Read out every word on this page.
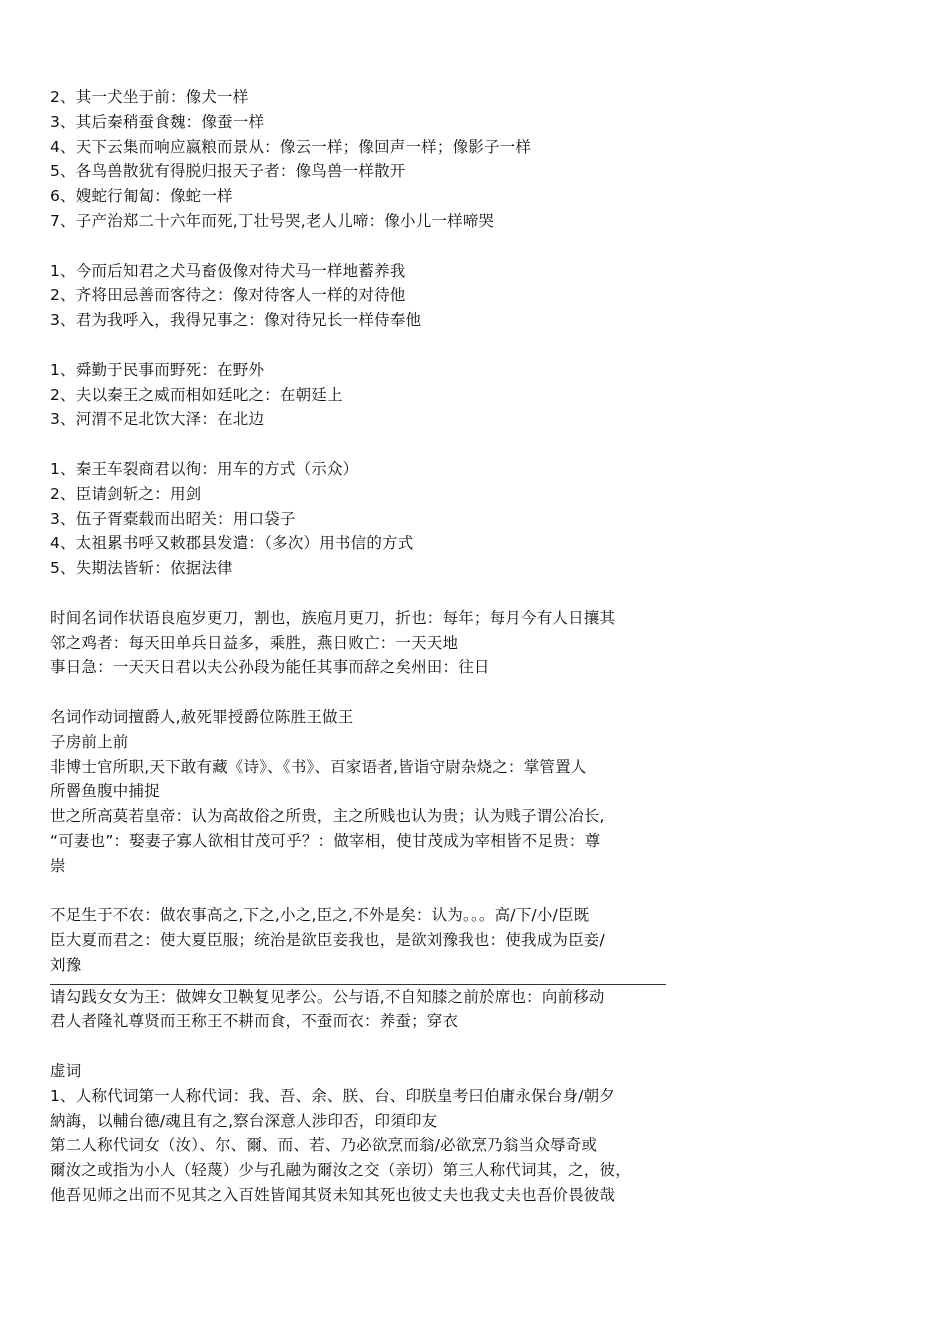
2、其一犬坐于前：像犬一样
3、其后秦稍蚕食魏：像蚕一样
4、天下云集而响应嬴粮而景从：像云一样；像回声一样；像影子一样
5、各鸟兽散犹有得脱归报天子者：像鸟兽一样散开
6、嫂蛇行匍匐：像蛇一样
7、子产治郑二十六年而死,丁壮号哭,老人儿啼：像小儿一样啼哭
1、今而后知君之犬马畜伋像对待犬马一样地蓄养我
2、齐将田忌善而客待之：像对待客人一样的对待他
3、君为我呼入，我得兄事之：像对待兄长一样侍奉他
1、舜勤于民事而野死：在野外
2、夫以秦王之威而相如廷叱之：在朝廷上
3、河渭不足北饮大泽：在北边
1、秦王车裂商君以徇：用车的方式（示众）
2、臣请剑斩之：用剑
3、伍子胥橐载而出昭关：用口袋子
4、太祖累书呼又敕郡县发遣：（多次）用书信的方式
5、失期法皆斩：依据法律
时间名词作状语良庖岁更刀，割也，族庖月更刀，折也：每年；每月今有人日攘其
邻之鸡者：每天田单兵日益多，乘胜，燕日败亡：一天天地
事日急：一天天日君以夫公孙段为能任其事而辞之矣州田：往日
名词作动词擅爵人,赦死罪授爵位陈胜王做王
子房前上前
非博士官所职,天下敢有藏《诗》、《书》、百家语者,皆诣守尉杂烧之：掌管置人
所罾鱼腹中捕捉
世之所高莫若皇帝：认为高故俗之所贵，主之所贱也认为贵；认为贱子谓公冶长,
“可妻也”：娶妻子寡人欲相甘茂可乎？：做宰相，使甘茂成为宰相皆不足贵：尊
崇
不足生于不农：做农事高之,下之,小之,臣之,不外是矣：认为。。。高/下/小/臣既
臣大夏而君之：使大夏臣服；统治是欲臣妾我也，是欲刘豫我也：使我成为臣妾/
刘豫
请勾践女女为王：做婢女卫鞅复见孝公。公与语,不自知膝之前於席也：向前移动
君人者隆礼尊贤而王称王不耕而食，不蚕而衣：养蚕；穿衣
虚词
1、人称代词第一人称代词：我、吾、余、朕、台、印朕皇考曰伯庸永保台身/朝夕
納誨，以輔台德/魂且有之,察台深意人涉印否，印須印友
第二人称代词女（汝）、尔、爾、而、若、乃必欲烹而翁/必欲烹乃翁当众辱奇或
爾汝之或指为小人（轻蔑）少与孔融为爾汝之交（亲切）第三人称代词其，之，彼，
他吾见师之出而不见其之入百姓皆闻其贤未知其死也彼丈夫也我丈夫也吾价畏彼哉
